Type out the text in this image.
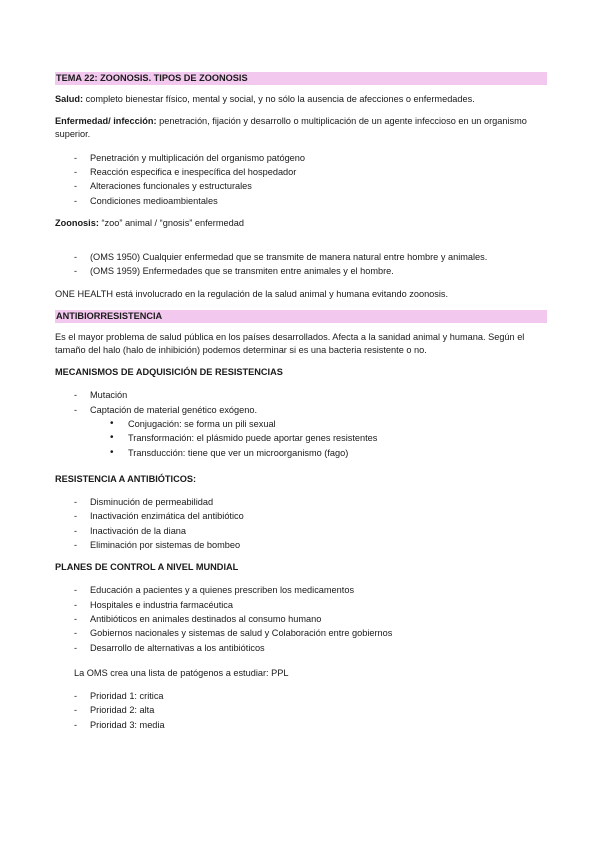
TEMA 22: ZOONOSIS. TIPOS DE ZOONOSIS

Salud: completo bienestar físico, mental y social, y no sólo la ausencia de afecciones o enfermedades.

Enfermedad/ infección: penetración, fijación y desarrollo o multiplicación de un agente infeccioso en un organismo superior.

- Penetración y multiplicación del organismo patógeno
- Reacción especifica e inespecífica del hospedador
- Alteraciones funcionales y estructurales
- Condiciones medioambientales

Zoonosis: “zoo” animal / “gnosis” enfermedad

- (OMS 1950) Cualquier enfermedad que se transmite de manera natural entre hombre y animales.
- (OMS 1959) Enfermedades que se transmiten entre animales y el hombre.

ONE HEALTH está involucrado en la regulación de la salud animal y humana evitando zoonosis.

ANTIBIORRESISTENCIA

Es el mayor problema de salud pública en los países desarrollados. Afecta a la sanidad animal y humana. Según el tamaño del halo (halo de inhibición) podemos determinar si es una bacteria resistente o no.

MECANISMOS DE ADQUISICIÓN DE RESISTENCIAS
- Mutación
- Captación de material genético exógeno.
• Conjugación: se forma un pili sexual
• Transformación: el plásmido puede aportar genes resistentes
• Transducción: tiene que ver un microorganismo (fago)
RESISTENCIA A ANTIBIÓTICOS:
- Disminución de permeabilidad
- Inactivación enzimática del antibiótico
- Inactivación de la diana
- Eliminación por sistemas de bombeo
PLANES DE CONTROL A NIVEL MUNDIAL
- Educación a pacientes y a quienes prescriben los medicamentos
- Hospitales e industria farmacéutica
- Antibióticos en animales destinados al consumo humano
- Gobiernos nacionales y sistemas de salud y Colaboración entre gobiernos
- Desarrollo de alternativas a los antibióticos

La OMS crea una lista de patógenos a estudiar: PPL

- Prioridad 1: critica
- Prioridad 2: alta
- Prioridad 3: media
